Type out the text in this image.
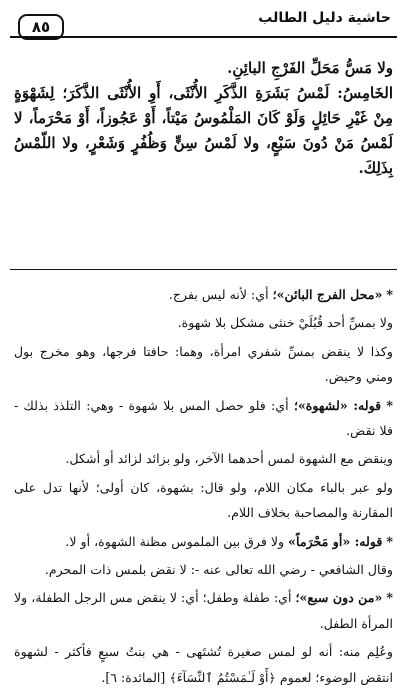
حاشية دليل الطالب
٨٥

ولا مَسُّ مَحَلِّ الفَرْجِ البائِنِ.

الخَامِسُ: لَمْسُ بَشَرَةِ الذَّكَرِ الأُنْثَى، أَوِ الأُنْثَى الذَّكَرَ؛ لِشَهْوَةٍ مِنْ غَيْرِ حَائِلٍ وَلَوْ كَانَ المَلْمُوسُ مَيْتاً، أَوْ عَجُوزاً، أَوْ مَحْرَماً، لا لَمْسُ مَنْ دُونَ سَبْعٍ، ولا لَمْسُ سِنٍّ وَظُفُرٍ وَشَعْرٍ، ولا اللّمْسُ بِذَلِكَ.

* «محل الفرج البائن»؛ أي: لأنه ليس بفرج.

ولا بمسِّ أحد قُبُلَيْ خنثى مشكل بلا شهوة.

وكذا لا ينقض بمسِّ شفري امرأة، وهما: حافتا فرجها، وهو مخرج بول ومني وحيض.

* قوله: «لشهوة»؛ أي: فلو حصل المس بلا شهوة - وهي: التلذذ بذلك - فلا نقض.

وينقض مع الشهوة لمس أحدهما الآخر، ولو بزائد لزائد أو أشكل.

ولو عبر بالباء مكان اللام، ولو قال: بشهوة، كان أولى؛ لأنها تدل على المقارنة والمصاحبة بخلاف اللام.

* قوله: «أو مَحْرَماً» ولا فرق بين الملموس مظنة الشهوة، أو لا.

وقال الشافعي - رضي الله تعالى عنه -: لا نقض بلمس ذات المحرم.

* «من دون سبع»؛ أي: طفلة وطفل؛ أي: لا ينقض مس الرجل الطفلة، ولا المرأة الطفل.

وعُلِم منه: أنه لو لمس صغيرة تُشتَهى - هي بنتُ سبعٍ فأكثر - لشهوة انتقض الوضوء؛ لعموم ﴿أَوْ لَـٰمَسْتُمُ ٱلنِّسَآءَ﴾ [المائدة: ٦].
